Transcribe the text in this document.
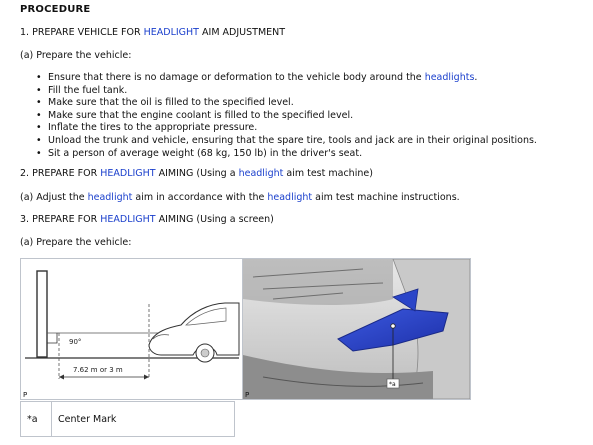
PROCEDURE
1. PREPARE VEHICLE FOR HEADLIGHT AIM ADJUSTMENT
(a) Prepare the vehicle:
• Ensure that there is no damage or deformation to the vehicle body around the headlights.
• Fill the fuel tank.
• Make sure that the oil is filled to the specified level.
• Make sure that the engine coolant is filled to the specified level.
• Inflate the tires to the appropriate pressure.
• Unload the trunk and vehicle, ensuring that the spare tire, tools and jack are in their original positions.
• Sit a person of average weight (68 kg, 150 lb) in the driver's seat.
2. PREPARE FOR HEADLIGHT AIMING (Using a headlight aim test machine)
(a) Adjust the headlight aim in accordance with the headlight aim test machine instructions.
3. PREPARE FOR HEADLIGHT AIMING (Using a screen)
(a) Prepare the vehicle:
90°
7.62 m or 3 m
P
*a
P
*a	Center Mark
